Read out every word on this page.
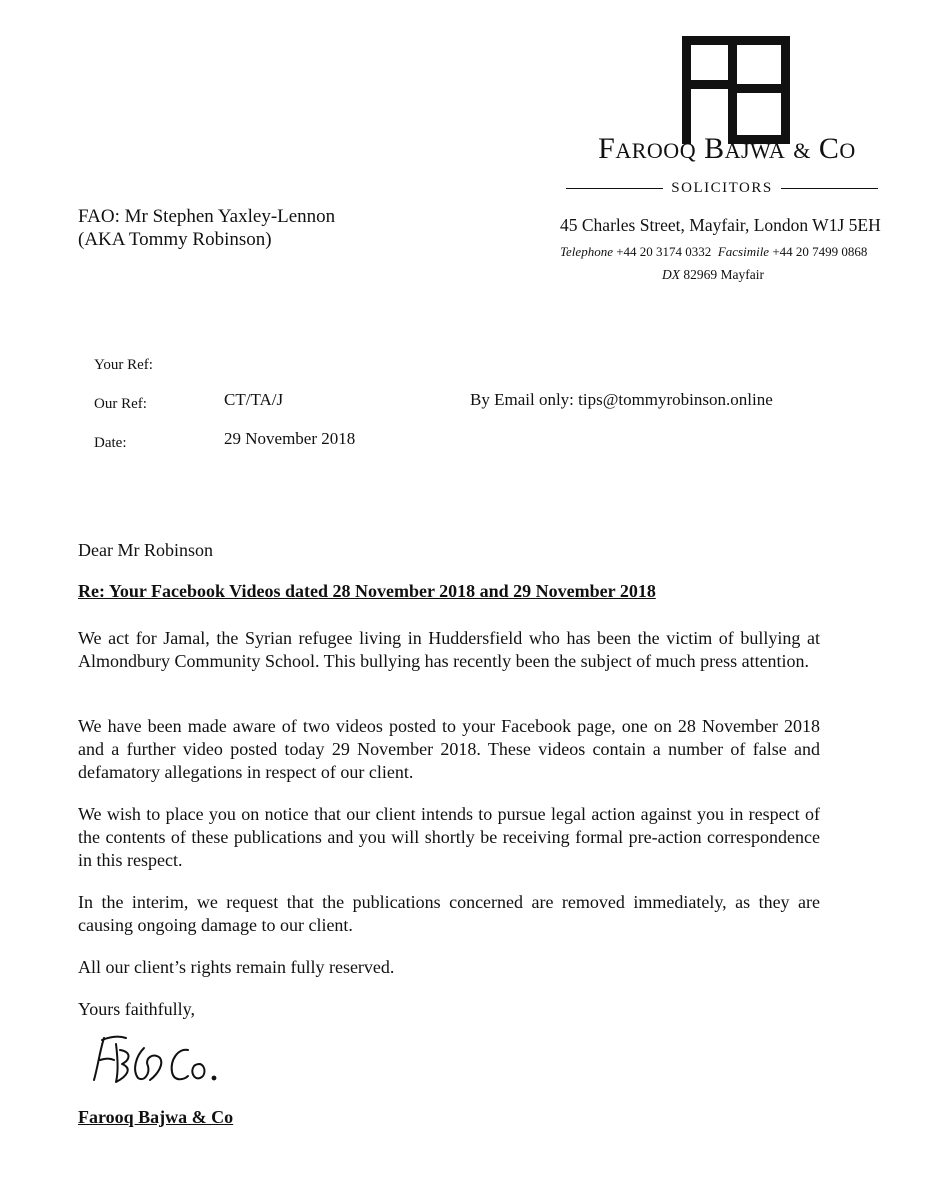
FAROOQ BAJWA & CO
SOLICITORS
45 Charles Street, Mayfair, London W1J 5EH
Telephone +44 20 3174 0332 Facsimile +44 20 7499 0868
DX 82969 Mayfair
FAO: Mr Stephen Yaxley-Lennon
(AKA Tommy Robinson)
Your Ref:
Our Ref:	CT/TA/J	By Email only: tips@tommyrobinson.online
Date:	29 November 2018
Dear Mr Robinson
Re: Your Facebook Videos dated 28 November 2018 and 29 November 2018
We act for Jamal, the Syrian refugee living in Huddersfield who has been the victim of bullying at Almondbury Community School. This bullying has recently been the subject of much press attention.
We have been made aware of two videos posted to your Facebook page, one on 28 November 2018 and a further video posted today 29 November 2018. These videos contain a number of false and defamatory allegations in respect of our client.
We wish to place you on notice that our client intends to pursue legal action against you in respect of the contents of these publications and you will shortly be receiving formal pre-action correspondence in this respect.
In the interim, we request that the publications concerned are removed immediately, as they are causing ongoing damage to our client.
All our client’s rights remain fully reserved.
Yours faithfully,
Farooq Bajwa & Co
